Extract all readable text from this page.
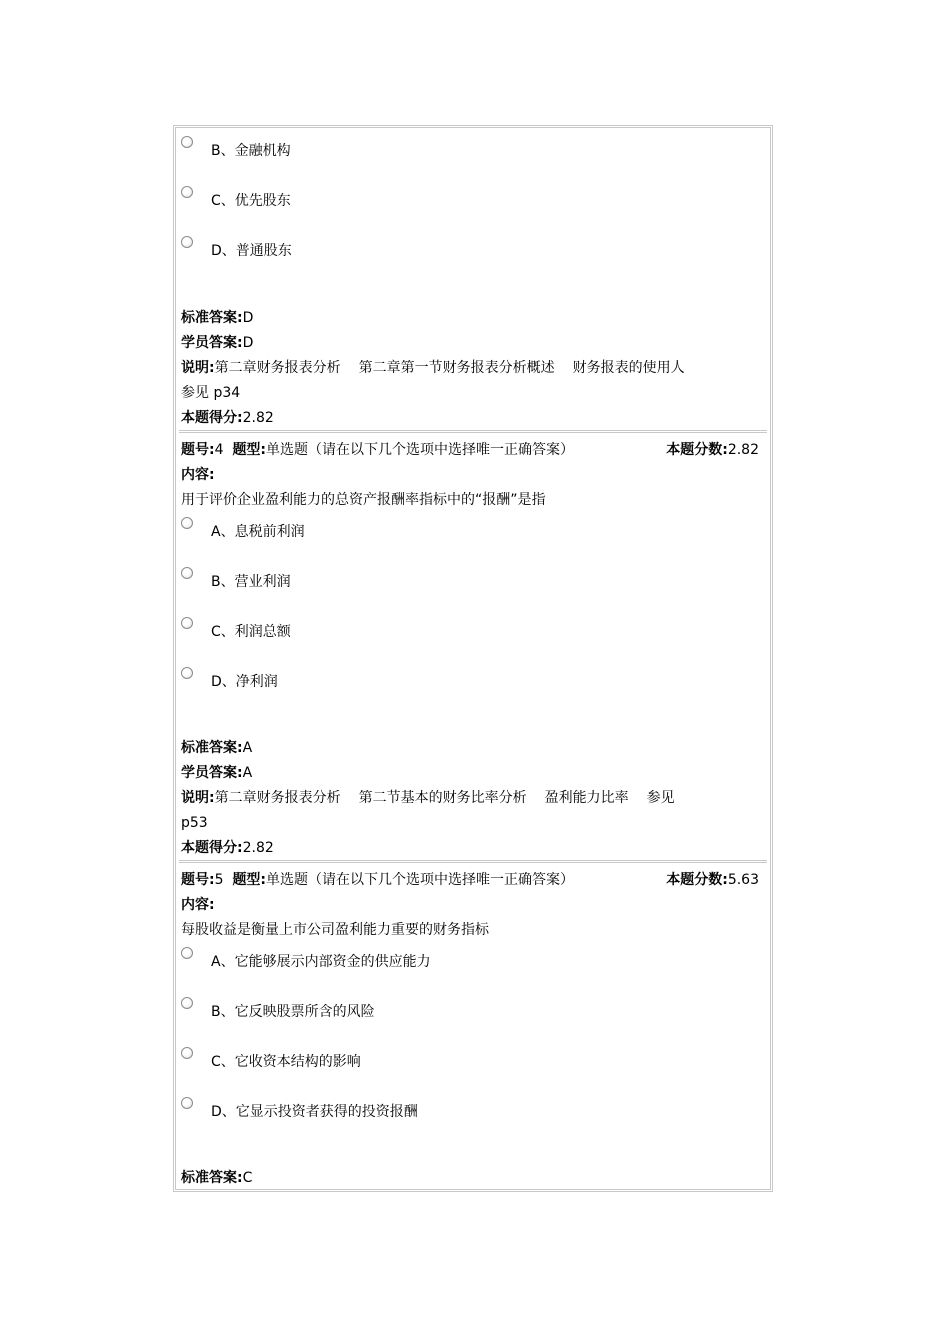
B、金融机构
C、优先股东
D、普通股东
标准答案:D
学员答案:D
说明:第二章财务报表分析 第二章第一节财务报表分析概述 财务报表的使用人
参见 p34
本题得分:2.82
题号:4 题型:单选题（请在以下几个选项中选择唯一正确答案）	本题分数:2.82
内容:
用于评价企业盈利能力的总资产报酬率指标中的“报酬”是指
A、息税前利润
B、营业利润
C、利润总额
D、净利润
标准答案:A
学员答案:A
说明:第二章财务报表分析 第二节基本的财务比率分析 盈利能力比率 参见
p53
本题得分:2.82
题号:5 题型:单选题（请在以下几个选项中选择唯一正确答案）	本题分数:5.63
内容:
每股收益是衡量上市公司盈利能力重要的财务指标
A、它能够展示内部资金的供应能力
B、它反映股票所含的风险
C、它收资本结构的影响
D、它显示投资者获得的投资报酬
标准答案:C
